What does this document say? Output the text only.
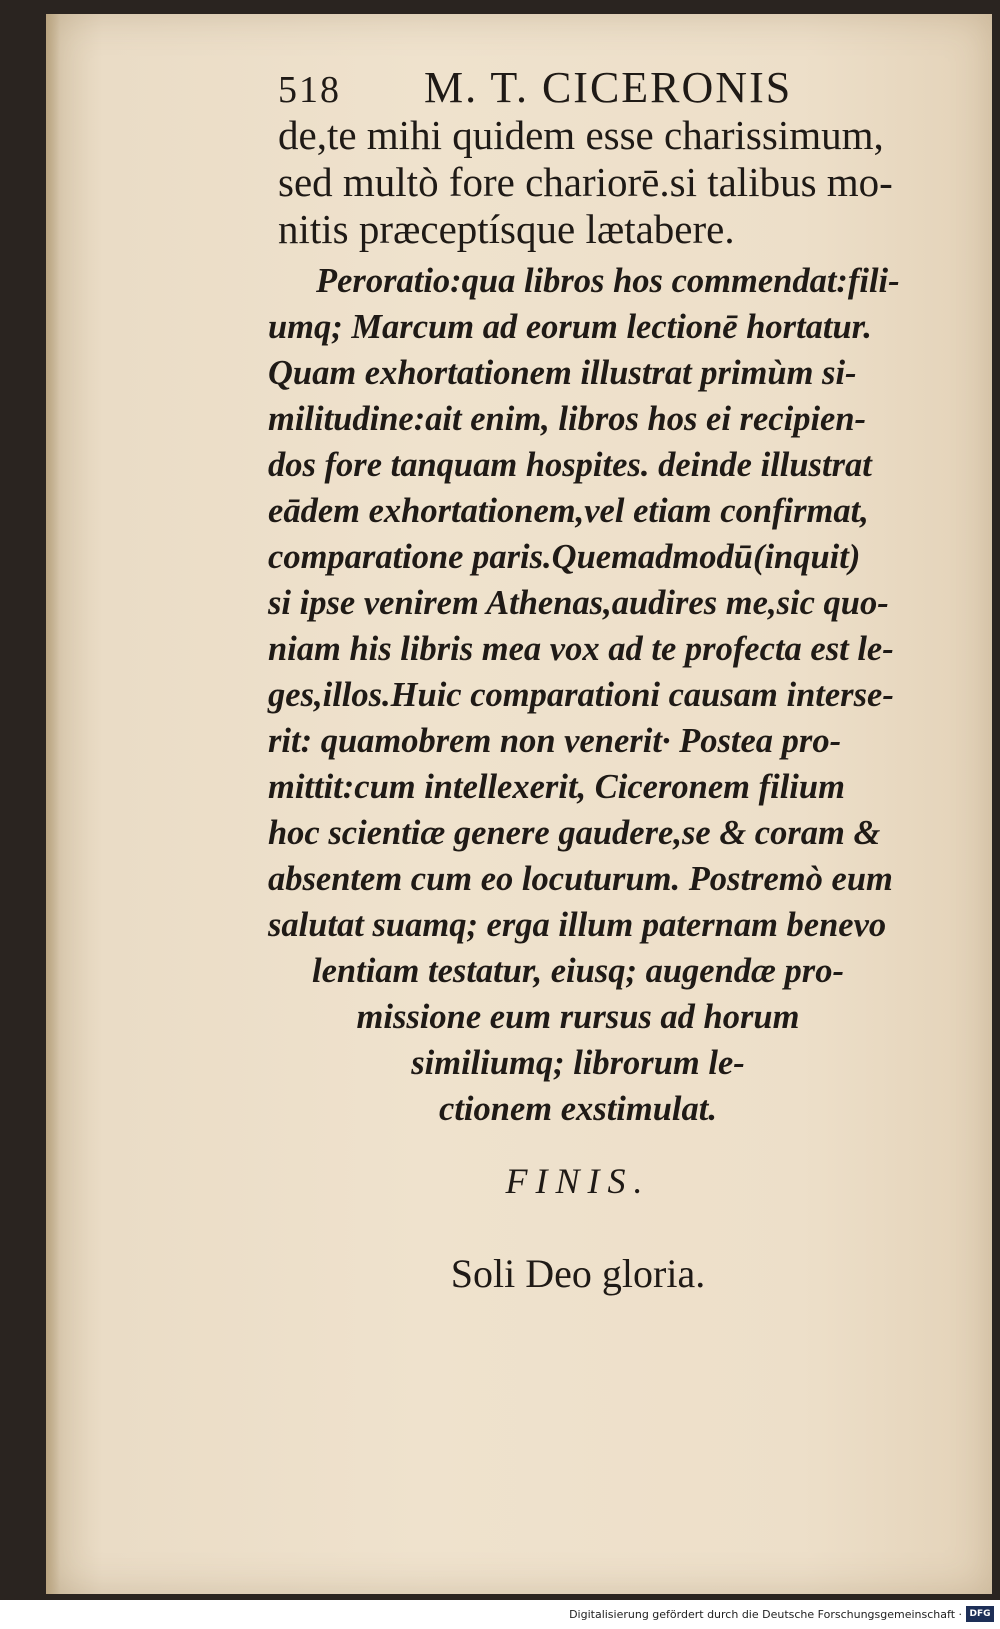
518 M. T. CICERONIS
de,te mihi quidem esse charissimum,
sed multò fore chariorē.si talibus mo-
nitis præceptísque lætabere.
Peroratio:qua libros hos commendat:fili-
umq; Marcum ad eorum lectionē hortatur.
Quam exhortationem illustrat primùm si-
militudine:ait enim, libros hos ei recipien-
dos fore tanquam hospites. deinde illustrat
eādem exhortationem,vel etiam confirmat,
comparatione paris.Quemadmodū(inquit)
si ipse venirem Athenas,audires me,sic quo-
niam his libris mea vox ad te profecta est le-
ges,illos.Huic comparationi causam interse-
rit: quamobrem non venerit· Postea pro-
mittit:cum intellexerit, Ciceronem filium
hoc scientiæ genere gaudere,se & coram &
absentem cum eo locuturum. Postremò eum
salutat suamq; erga illum paternam benevo
lentiam testatur, eiusq; augendæ pro-
missione eum rursus ad horum
similiumq; librorum le-
ctionem exstimulat.
FINIS.
Soli Deo gloria.
Digitalisierung gefördert durch die Deutsche Forschungsgemeinschaft · DFG
